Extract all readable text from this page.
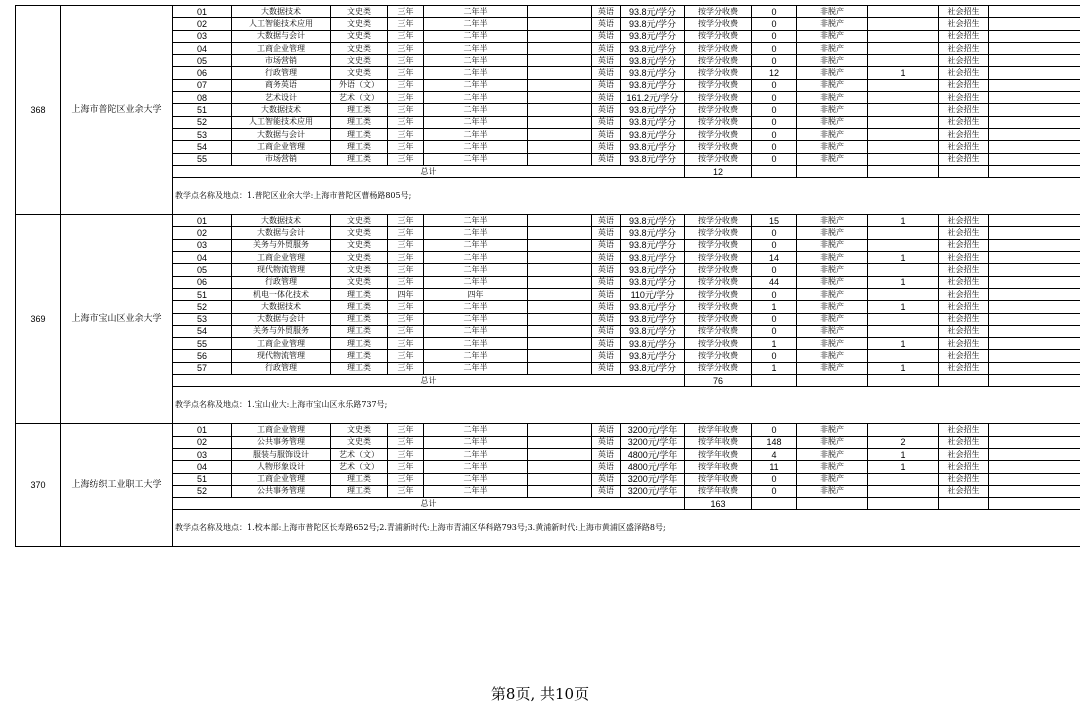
368	上海市普陀区业余大学	01	大数据技术	文史类	三年	二年半		英语	93.8元/学分	按学分收费	0	非脱产		社会招生		
		02	人工智能技术应用	文史类	三年	二年半		英语	93.8元/学分	按学分收费	0	非脱产		社会招生		
		03	大数据与会计	文史类	三年	二年半		英语	93.8元/学分	按学分收费	0	非脱产		社会招生		
		04	工商企业管理	文史类	三年	二年半		英语	93.8元/学分	按学分收费	0	非脱产		社会招生		
		05	市场营销	文史类	三年	二年半		英语	93.8元/学分	按学分收费	0	非脱产		社会招生		
		06	行政管理	文史类	三年	二年半		英语	93.8元/学分	按学分收费	12	非脱产	1	社会招生		
		07	商务英语	外语（文）	三年	二年半		英语	93.8元/学分	按学分收费	0	非脱产		社会招生		
		08	艺术设计	艺术（文）	三年	二年半		英语	161.2元/学分	按学分收费	0	非脱产		社会招生		
		51	大数据技术	理工类	三年	二年半		英语	93.8元/学分	按学分收费	0	非脱产		社会招生		
		52	人工智能技术应用	理工类	三年	二年半		英语	93.8元/学分	按学分收费	0	非脱产		社会招生		
		53	大数据与会计	理工类	三年	二年半		英语	93.8元/学分	按学分收费	0	非脱产		社会招生		
		54	工商企业管理	理工类	三年	二年半		英语	93.8元/学分	按学分收费	0	非脱产		社会招生		
		55	市场营销	理工类	三年	二年半		英语	93.8元/学分	按学分收费	0	非脱产		社会招生		
		总计								12						
		教学点名称及地点：1.普陀区业余大学:上海市普陀区曹杨路805号;														
369	上海市宝山区业余大学	01	大数据技术	文史类	三年	二年半		英语	93.8元/学分	按学分收费	15	非脱产	1	社会招生		
		02	大数据与会计	文史类	三年	二年半		英语	93.8元/学分	按学分收费	0	非脱产		社会招生		
		03	关务与外贸服务	文史类	三年	二年半		英语	93.8元/学分	按学分收费	0	非脱产		社会招生		
		04	工商企业管理	文史类	三年	二年半		英语	93.8元/学分	按学分收费	14	非脱产	1	社会招生		
		05	现代物流管理	文史类	三年	二年半		英语	93.8元/学分	按学分收费	0	非脱产		社会招生		
		06	行政管理	文史类	三年	二年半		英语	93.8元/学分	按学分收费	44	非脱产	1	社会招生		
		51	机电一体化技术	理工类	四年	四年		英语	110元/学分	按学分收费	0	非脱产		社会招生		
		52	大数据技术	理工类	三年	二年半		英语	93.8元/学分	按学分收费	1	非脱产	1	社会招生		
		53	大数据与会计	理工类	三年	二年半		英语	93.8元/学分	按学分收费	0	非脱产		社会招生		
		54	关务与外贸服务	理工类	三年	二年半		英语	93.8元/学分	按学分收费	0	非脱产		社会招生		
		55	工商企业管理	理工类	三年	二年半		英语	93.8元/学分	按学分收费	1	非脱产	1	社会招生		
		56	现代物流管理	理工类	三年	二年半		英语	93.8元/学分	按学分收费	0	非脱产		社会招生		
		57	行政管理	理工类	三年	二年半		英语	93.8元/学分	按学分收费	1	非脱产	1	社会招生		
		总计								76						
		教学点名称及地点：1.宝山业大:上海市宝山区永乐路737号;														
370	上海纺织工业职工大学	01	工商企业管理	文史类	三年	二年半		英语	3200元/学年	按学年收费	0	非脱产		社会招生		
		02	公共事务管理	文史类	三年	二年半		英语	3200元/学年	按学年收费	148	非脱产	2	社会招生		
		03	服装与服饰设计	艺术（文）	三年	二年半		英语	4800元/学年	按学年收费	4	非脱产	1	社会招生		
		04	人物形象设计	艺术（文）	三年	二年半		英语	4800元/学年	按学年收费	11	非脱产	1	社会招生		
		51	工商企业管理	理工类	三年	二年半		英语	3200元/学年	按学年收费	0	非脱产		社会招生		
		52	公共事务管理	理工类	三年	二年半		英语	3200元/学年	按学年收费	0	非脱产		社会招生		
		总计								163						
		教学点名称及地点：1.校本部:上海市普陀区长寿路652号;2.青浦新时代:上海市青浦区华科路793号;3.黄浦新时代:上海市黄浦区盛泽路8号;														
第8页, 共10页
